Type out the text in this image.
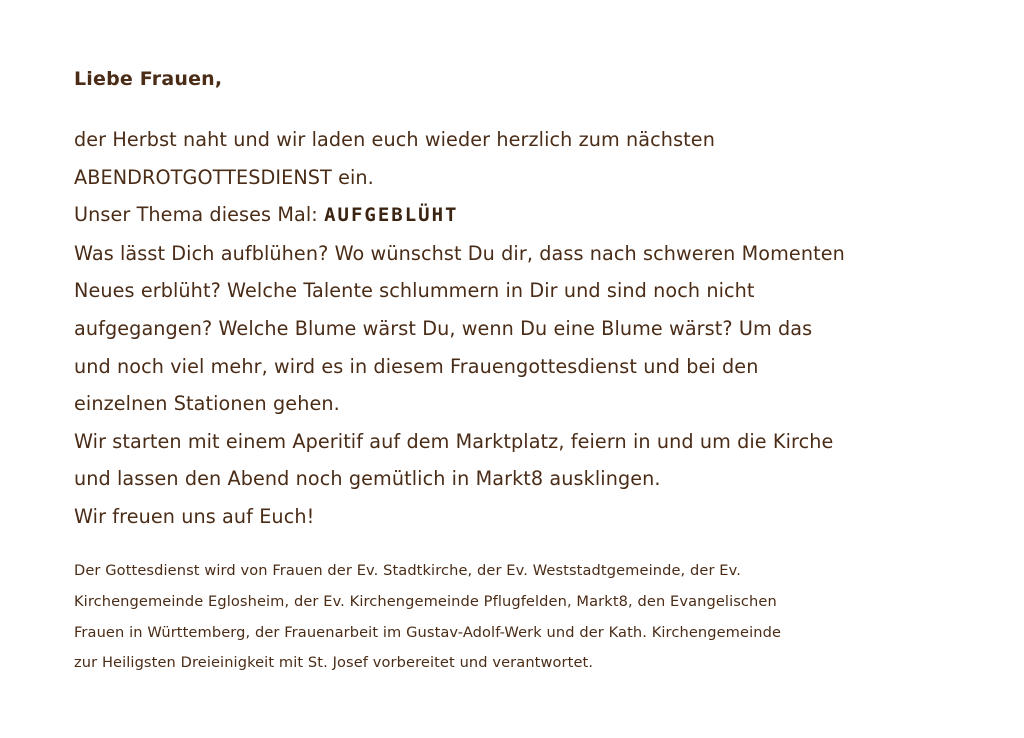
Liebe Frauen,
der Herbst naht und wir laden euch wieder herzlich zum nächsten
ABENDROTGOTTESDIENST ein.
Unser Thema dieses Mal: AUFGEBLÜHT
Was lässt Dich aufblühen? Wo wünschst Du dir, dass nach schweren Momenten
Neues erblüht? Welche Talente schlummern in Dir und sind noch nicht
aufgegangen? Welche Blume wärst Du, wenn Du eine Blume wärst? Um das
und noch viel mehr, wird es in diesem Frauengottesdienst und bei den
einzelnen Stationen gehen.
Wir starten mit einem Aperitif auf dem Marktplatz, feiern in und um die Kirche
und lassen den Abend noch gemütlich in Markt8 ausklingen.
Wir freuen uns auf Euch!
Der Gottesdienst wird von Frauen der Ev. Stadtkirche, der Ev. Weststadtgemeinde, der Ev.
Kirchengemeinde Eglosheim, der Ev. Kirchengemeinde Pflugfelden, Markt8, den Evangelischen
Frauen in Württemberg, der Frauenarbeit im Gustav-Adolf-Werk und der Kath. Kirchengemeinde
zur Heiligsten Dreieinigkeit mit St. Josef vorbereitet und verantwortet.
